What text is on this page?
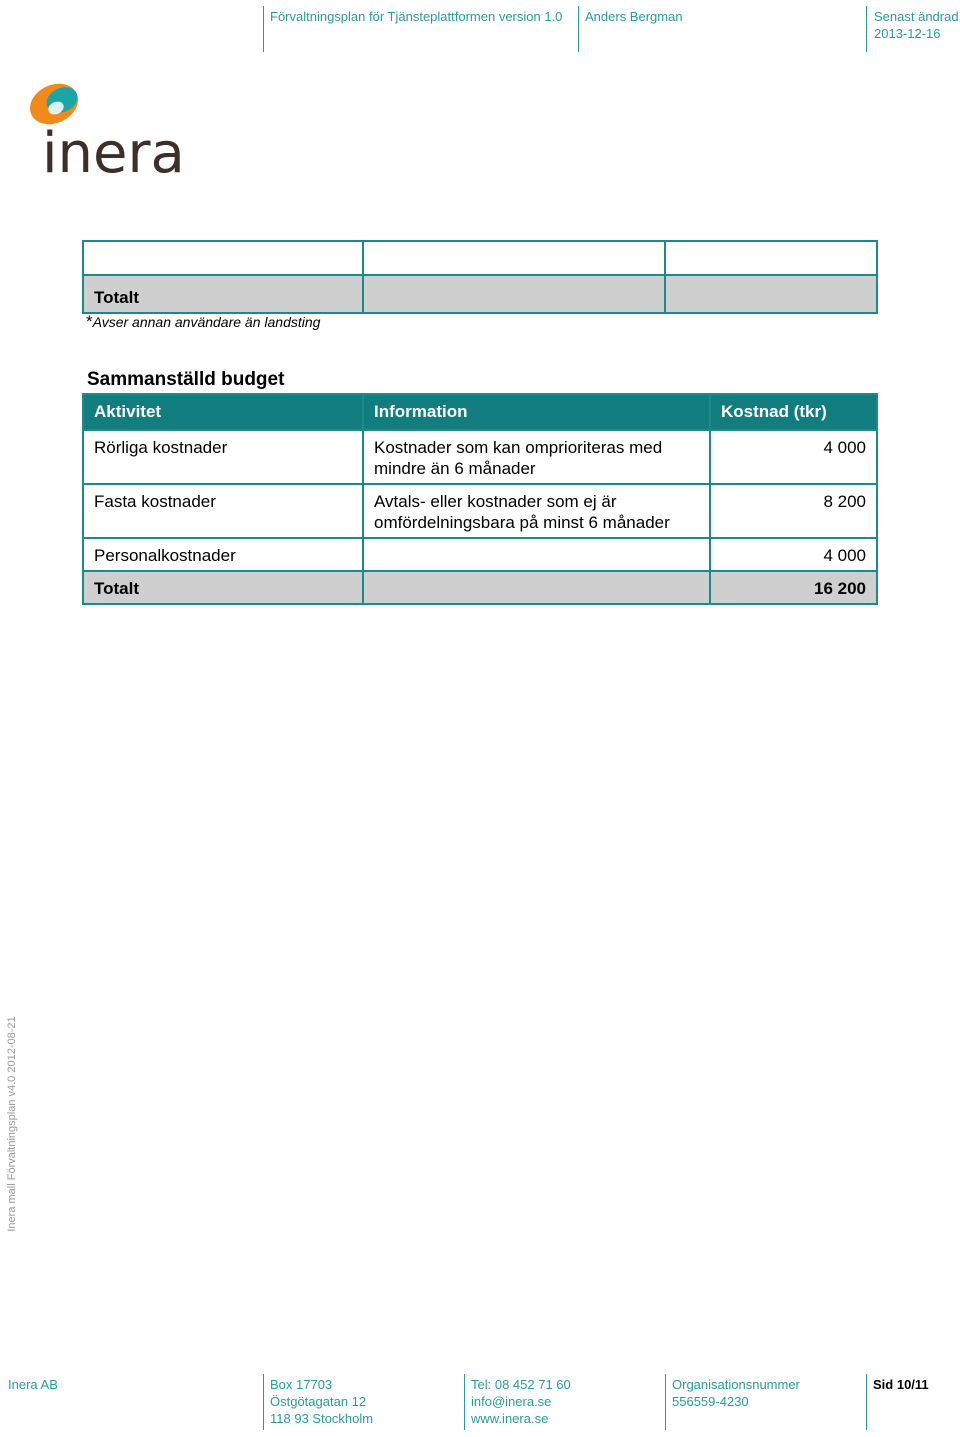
Förvaltningsplan för Tjänsteplattformen version 1.0 Anders Bergman	Senast ändrad
2013-12-16
inera

Totalt		

*Avser annan användare än landsting
Sammanställd budget
Aktivitet	Information	Kostnad (tkr)
Rörliga kostnader	Kostnader som kan omprioriteras med mindre än 6 månader	4 000
Fasta kostnader	Avtals- eller kostnader som ej är omfördelningsbara på minst 6 månader	8 200
Personalkostnader		4 000
Totalt		16 200
Inera mall Förvaltningsplan v4.0 2012-08-21
Inera AB	Box 17703
Östgötagatan 12
118 93 Stockholm
Tel: 08 452 71 60
info@inera.se
www.inera.se
Organisationsnummer
556559-4230
Sid 10/11
